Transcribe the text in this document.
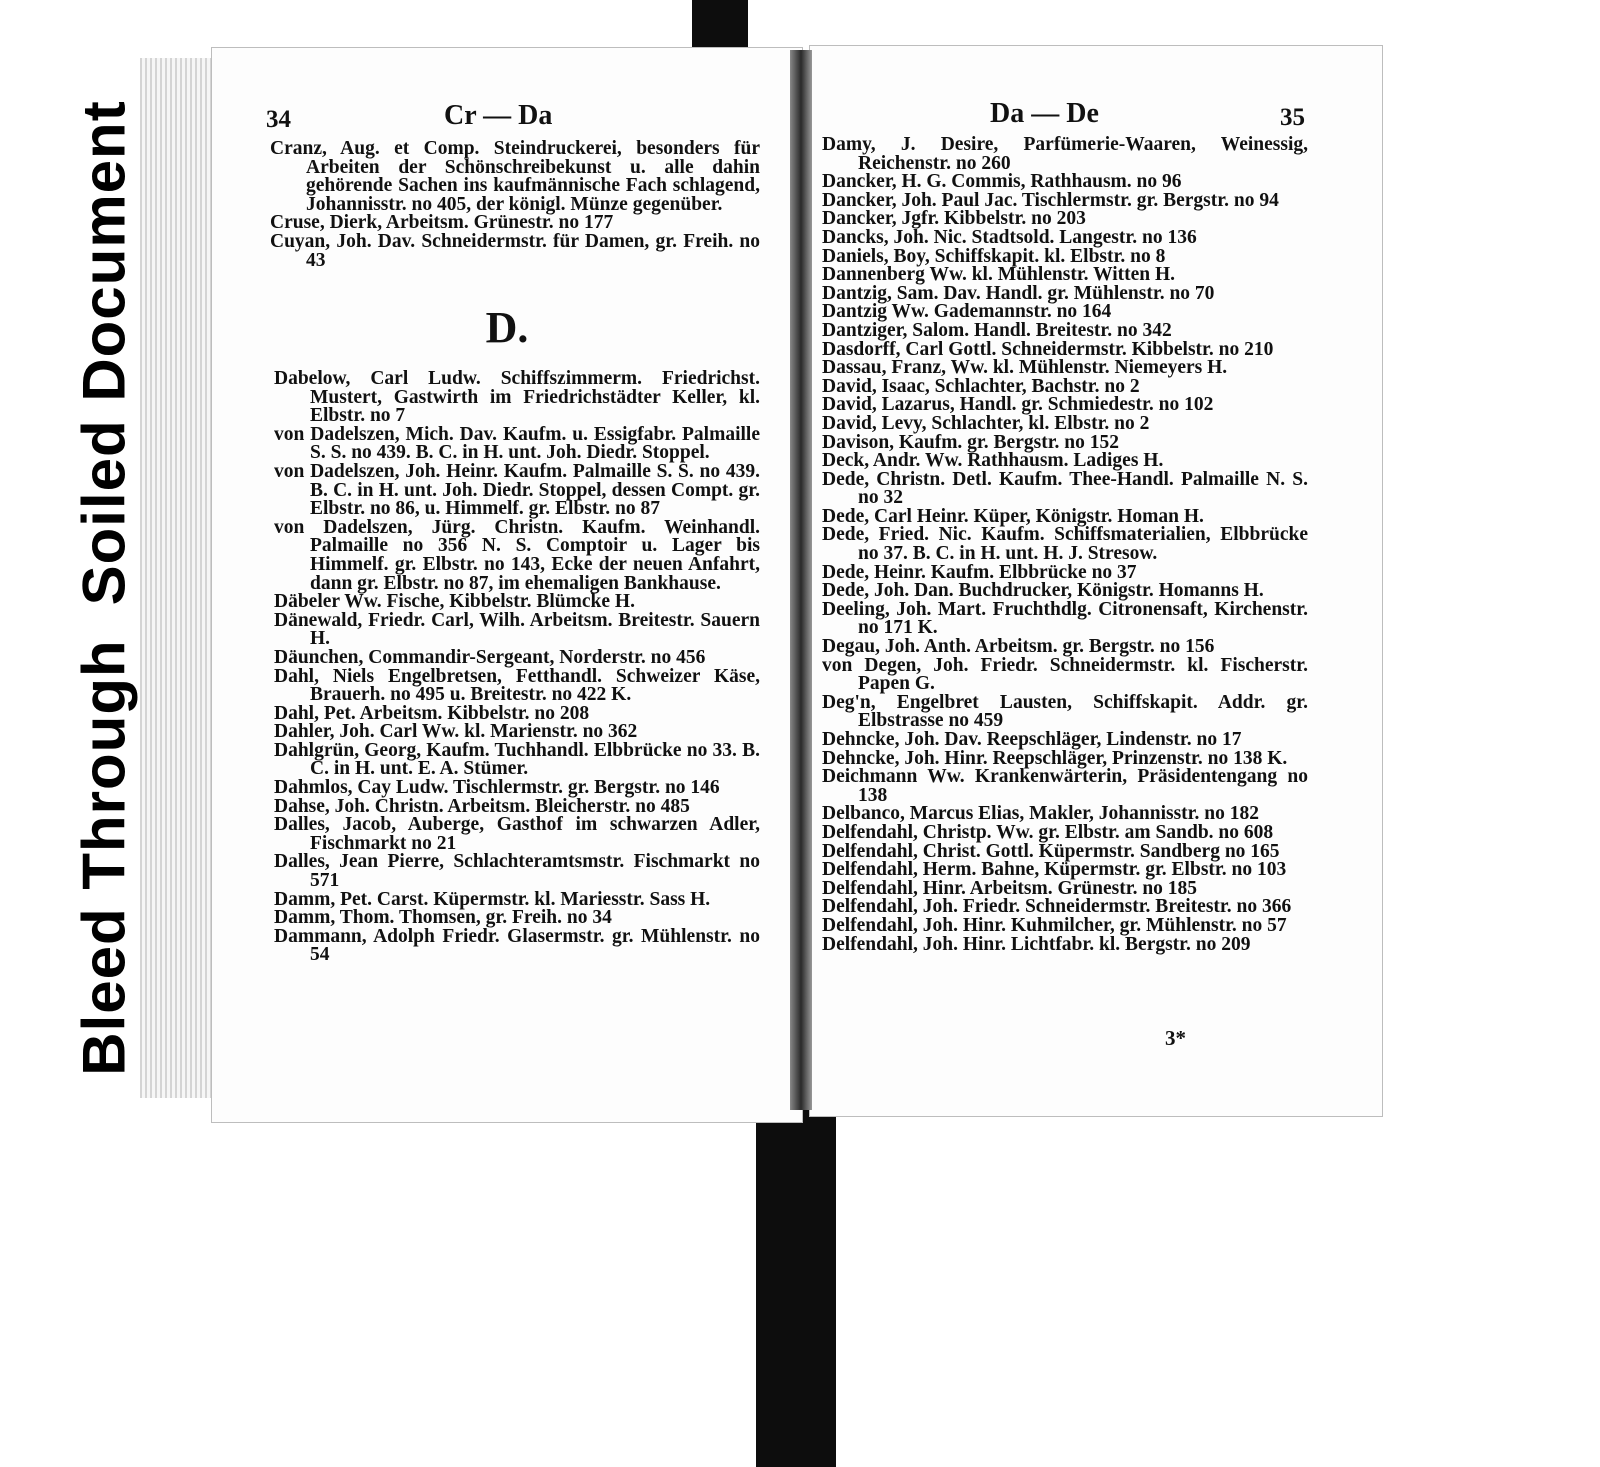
Bleed ThroughSoiled Document	34	Cr — Da
Cranz, Aug. et Comp. Steindruckerei, besonders für Arbeiten der Schönschreibekunst u. alle dahin gehörende Sachen ins kaufmännische Fach schlagend, Johannisstr. no 405, der königl. Münze gegenüber.
Cruse, Dierk, Arbeitsm. Grünestr. no 177
Cuyan, Joh. Dav. Schneidermstr. für Damen, gr. Freih. no 43
D.
Dabelow, Carl Ludw. Schiffszimmerm. Friedrichst. Mustert, Gastwirth im Friedrichstädter Keller, kl. Elbstr. no 7
von Dadelszen, Mich. Dav. Kaufm. u. Essigfabr. Palmaille S. S. no 439. B. C. in H. unt. Joh. Diedr. Stoppel.
von Dadelszen, Joh. Heinr. Kaufm. Palmaille S. S. no 439. B. C. in H. unt. Joh. Diedr. Stoppel, dessen Compt. gr. Elbstr. no 86, u. Himmelf. gr. Elbstr. no 87
von Dadelszen, Jürg. Christn. Kaufm. Weinhandl. Palmaille no 356 N. S. Comptoir u. Lager bis Himmelf. gr. Elbstr. no 143, Ecke der neuen Anfahrt, dann gr. Elbstr. no 87, im ehemaligen Bankhause.
Däbeler Ww. Fische, Kibbelstr. Blümcke H.
Dänewald, Friedr. Carl, Wilh. Arbeitsm. Breitestr. Sauern H.
Däunchen, Commandir-Sergeant, Norderstr. no 456
Dahl, Niels Engelbretsen, Fetthandl. Schweizer Käse, Brauerh. no 495 u. Breitestr. no 422 K.
Dahl, Pet. Arbeitsm. Kibbelstr. no 208
Dahler, Joh. Carl Ww. kl. Marienstr. no 362
Dahlgrün, Georg, Kaufm. Tuchhandl. Elbbrücke no 33. B. C. in H. unt. E. A. Stümer.
Dahmlos, Cay Ludw. Tischlermstr. gr. Bergstr. no 146
Dahse, Joh. Christn. Arbeitsm. Bleicherstr. no 485
Dalles, Jacob, Auberge, Gasthof im schwarzen Adler, Fischmarkt no 21
Dalles, Jean Pierre, Schlachteramtsmstr. Fischmarkt no 571
Damm, Pet. Carst. Küpermstr. kl. Mariesstr. Sass H.
Damm, Thom. Thomsen, gr. Freih. no 34
Dammann, Adolph Friedr. Glasermstr. gr. Mühlenstr. no 54
Da — De	35
Damy, J. Desire, Parfümerie-Waaren, Weinessig, Reichenstr. no 260
Dancker, H. G. Commis, Rathhausm. no 96
Dancker, Joh. Paul Jac. Tischlermstr. gr. Bergstr. no 94
Dancker, Jgfr. Kibbelstr. no 203
Dancks, Joh. Nic. Stadtsold. Langestr. no 136
Daniels, Boy, Schiffskapit. kl. Elbstr. no 8
Dannenberg Ww. kl. Mühlenstr. Witten H.
Dantzig, Sam. Dav. Handl. gr. Mühlenstr. no 70
Dantzig Ww. Gademannstr. no 164
Dantziger, Salom. Handl. Breitestr. no 342
Dasdorff, Carl Gottl. Schneidermstr. Kibbelstr. no 210
Dassau, Franz, Ww. kl. Mühlenstr. Niemeyers H.
David, Isaac, Schlachter, Bachstr. no 2
David, Lazarus, Handl. gr. Schmiedestr. no 102
David, Levy, Schlachter, kl. Elbstr. no 2
Davison, Kaufm. gr. Bergstr. no 152
Deck, Andr. Ww. Rathhausm. Ladiges H.
Dede, Christn. Detl. Kaufm. Thee-Handl. Palmaille N. S. no 32
Dede, Carl Heinr. Küper, Königstr. Homan H.
Dede, Fried. Nic. Kaufm. Schiffsmaterialien, Elbbrücke no 37. B. C. in H. unt. H. J. Stresow.
Dede, Heinr. Kaufm. Elbbrücke no 37
Dede, Joh. Dan. Buchdrucker, Königstr. Homanns H.
Deeling, Joh. Mart. Fruchthdlg. Citronensaft, Kirchenstr. no 171 K.
Degau, Joh. Anth. Arbeitsm. gr. Bergstr. no 156
von Degen, Joh. Friedr. Schneidermstr. kl. Fischerstr. Papen G.
Deg'n, Engelbret Lausten, Schiffskapit. Addr. gr. Elbstrasse no 459
Dehncke, Joh. Dav. Reepschläger, Lindenstr. no 17
Dehncke, Joh. Hinr. Reepschläger, Prinzenstr. no 138 K.
Deichmann Ww. Krankenwärterin, Präsidentengang no 138
Delbanco, Marcus Elias, Makler, Johannisstr. no 182
Delfendahl, Christp. Ww. gr. Elbstr. am Sandb. no 608
Delfendahl, Christ. Gottl. Küpermstr. Sandberg no 165
Delfendahl, Herm. Bahne, Küpermstr. gr. Elbstr. no 103
Delfendahl, Hinr. Arbeitsm. Grünestr. no 185
Delfendahl, Joh. Friedr. Schneidermstr. Breitestr. no 366
Delfendahl, Joh. Hinr. Kuhmilcher, gr. Mühlenstr. no 57
Delfendahl, Joh. Hinr. Lichtfabr. kl. Bergstr. no 209
3*
